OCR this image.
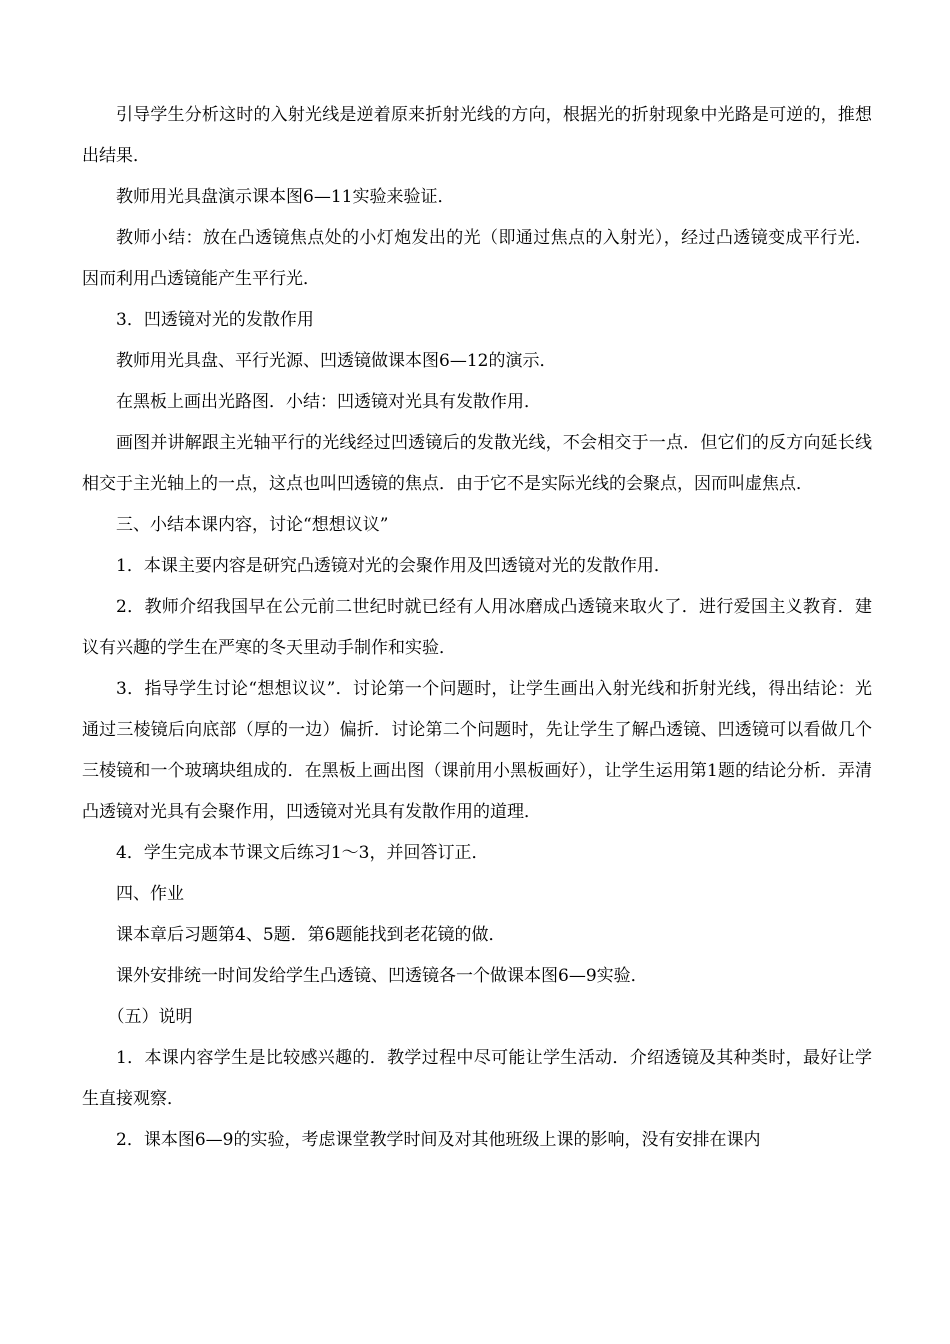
引导学生分析这时的入射光线是逆着原来折射光线的方向，根据光的折射现象中光路是可逆的，推想出结果．

教师用光具盘演示课本图6—11实验来验证．

教师小结：放在凸透镜焦点处的小灯炮发出的光（即通过焦点的入射光），经过凸透镜变成平行光．因而利用凸透镜能产生平行光．

3．凹透镜对光的发散作用

教师用光具盘、平行光源、凹透镜做课本图6—12的演示．

在黑板上画出光路图．小结：凹透镜对光具有发散作用．

画图并讲解跟主光轴平行的光线经过凹透镜后的发散光线，不会相交于一点．但它们的反方向延长线相交于主光轴上的一点，这点也叫凹透镜的焦点．由于它不是实际光线的会聚点，因而叫虚焦点．

三、小结本课内容，讨论“想想议议”

1．本课主要内容是研究凸透镜对光的会聚作用及凹透镜对光的发散作用．

2．教师介绍我国早在公元前二世纪时就已经有人用冰磨成凸透镜来取火了．进行爱国主义教育．建议有兴趣的学生在严寒的冬天里动手制作和实验．

3．指导学生讨论“想想议议”．讨论第一个问题时，让学生画出入射光线和折射光线，得出结论：光通过三棱镜后向底部（厚的一边）偏折．讨论第二个问题时，先让学生了解凸透镜、凹透镜可以看做几个三棱镜和一个玻璃块组成的．在黑板上画出图（课前用小黑板画好），让学生运用第1题的结论分析．弄清凸透镜对光具有会聚作用，凹透镜对光具有发散作用的道理．

4．学生完成本节课文后练习1～3，并回答订正．

四、作业

课本章后习题第4、5题．第6题能找到老花镜的做．

课外安排统一时间发给学生凸透镜、凹透镜各一个做课本图6—9实验．

（五）说明

1．本课内容学生是比较感兴趣的．教学过程中尽可能让学生活动．介绍透镜及其种类时，最好让学生直接观察．

2．课本图6—9的实验，考虑课堂教学时间及对其他班级上课的影响，没有安排在课内
